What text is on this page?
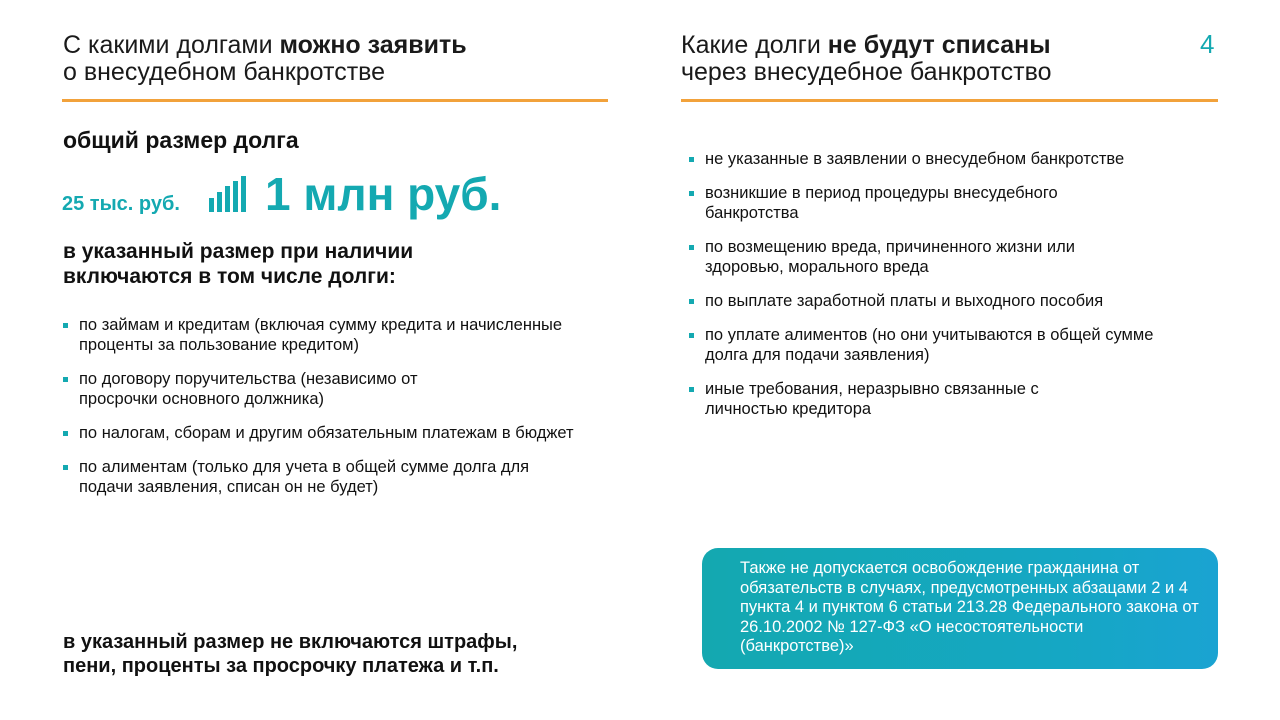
С какими долгами можно заявить
о внесудебном банкротстве
общий размер долга
25 тыс. руб. 1 млн руб.
в указанный размер при наличии включаются в том числе долги:
по займам и кредитам (включая сумму кредита и начисленные проценты за пользование кредитом)
по договору поручительства (независимо от просрочки основного должника)
по налогам, сборам и другим обязательным платежам в бюджет
по алиментам (только для учета в общей сумме долга для подачи заявления, списан он не будет)
в указанный размер не включаются штрафы, пени, проценты за просрочку платежа и т.п.
Какие долги не будут списаны
через внесудебное банкротство
4
не указанные в заявлении о внесудебном банкротстве
возникшие в период процедуры внесудебного банкротства
по возмещению вреда, причиненного жизни или здоровью, морального вреда
по выплате заработной платы и выходного пособия
по уплате алиментов (но они учитываются в общей сумме долга для подачи заявления)
иные требования, неразрывно связанные с личностью кредитора
Также не допускается освобождение гражданина от обязательств в случаях, предусмотренных абзацами 2 и 4 пункта 4 и пунктом 6 статьи 213.28 Федерального закона от 26.10.2002 № 127-ФЗ «О несостоятельности (банкротстве)»
